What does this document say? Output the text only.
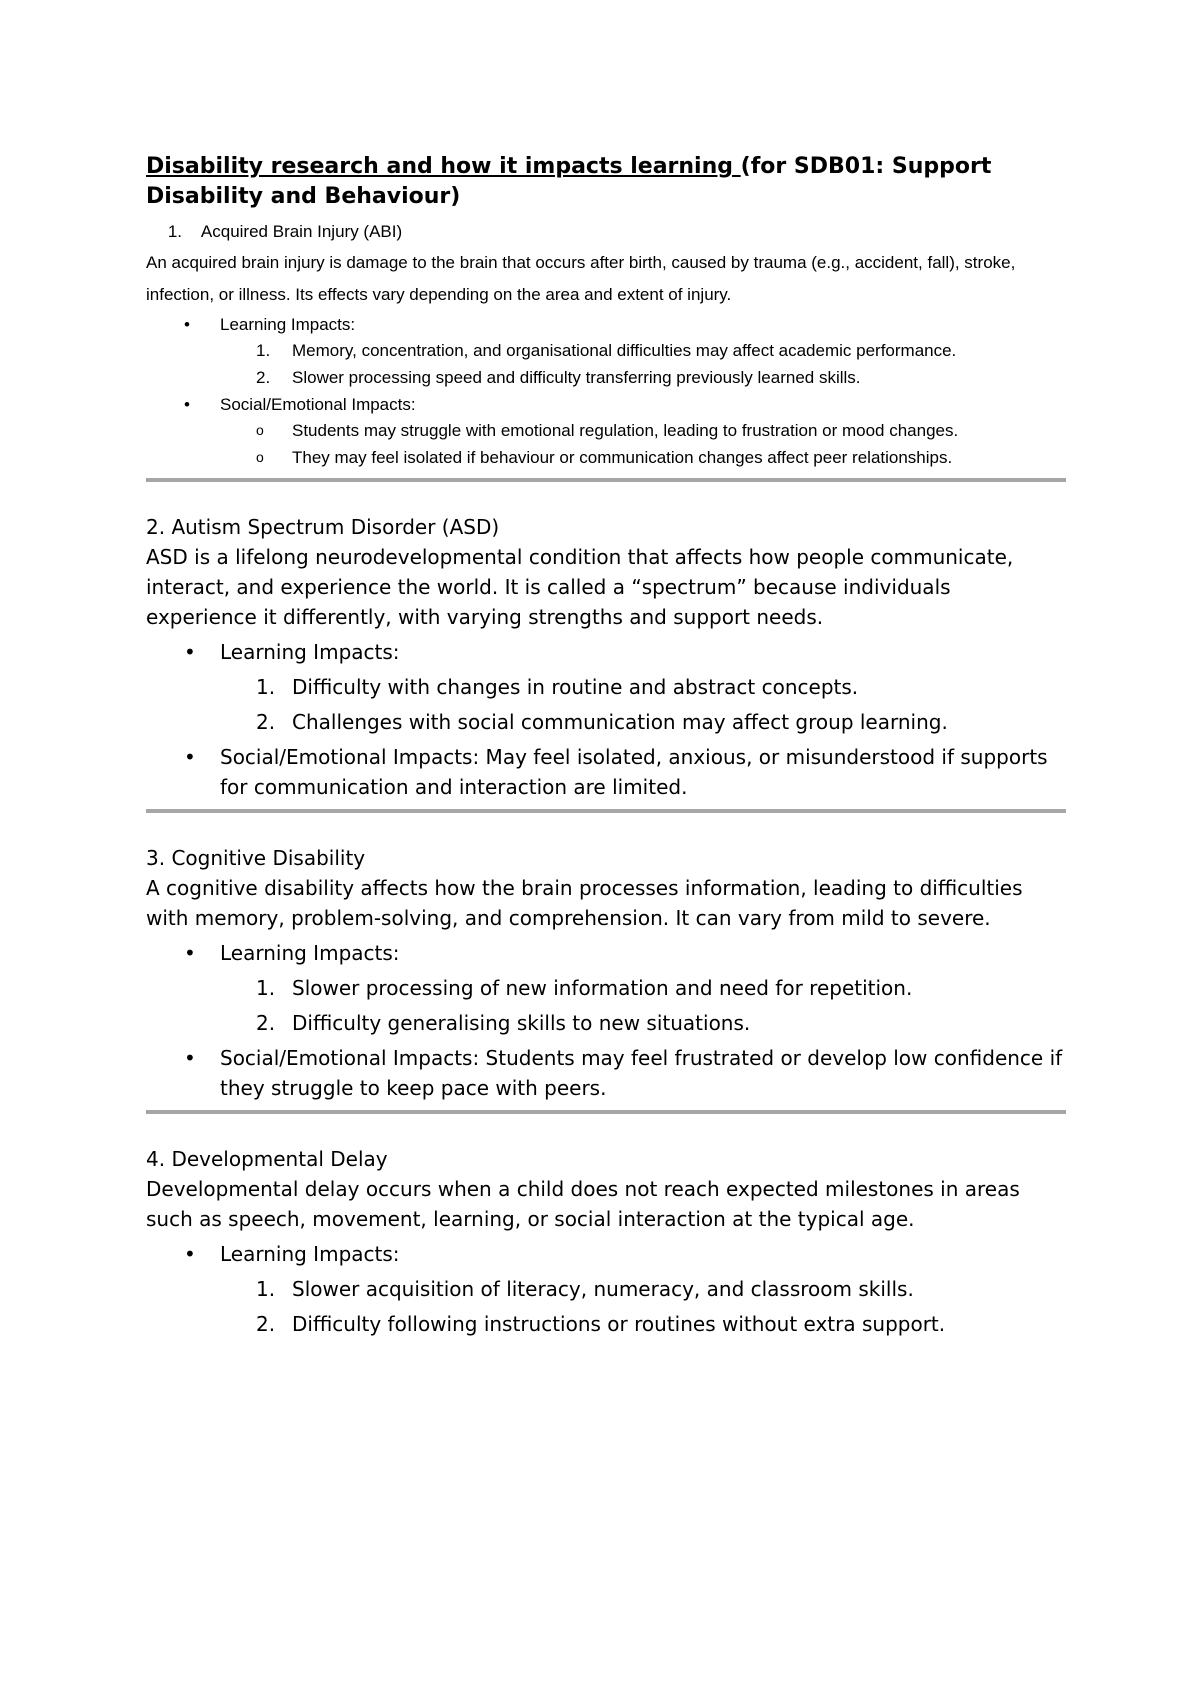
Disability research and how it impacts learning (for SDB01: Support Disability and Behaviour)
1. Acquired Brain Injury (ABI)
An acquired brain injury is damage to the brain that occurs after birth, caused by trauma (e.g., accident, fall), stroke, infection, or illness. Its effects vary depending on the area and extent of injury.
• Learning Impacts:
1.	Memory, concentration, and organisational difficulties may affect academic performance.
2.	Slower processing speed and difficulty transferring previously learned skills.
• Social/Emotional Impacts:
o	Students may struggle with emotional regulation, leading to frustration or mood changes.
o	They may feel isolated if behaviour or communication changes affect peer relationships.
2. Autism Spectrum Disorder (ASD)
ASD is a lifelong neurodevelopmental condition that affects how people communicate, interact, and experience the world. It is called a “spectrum” because individuals experience it differently, with varying strengths and support needs.
• Learning Impacts:
1. Difficulty with changes in routine and abstract concepts.
2. Challenges with social communication may affect group learning.
• Social/Emotional Impacts: May feel isolated, anxious, or misunderstood if supports for communication and interaction are limited.
3. Cognitive Disability
A cognitive disability affects how the brain processes information, leading to difficulties with memory, problem-solving, and comprehension. It can vary from mild to severe.
• Learning Impacts:
1. Slower processing of new information and need for repetition.
2. Difficulty generalising skills to new situations.
• Social/Emotional Impacts: Students may feel frustrated or develop low confidence if they struggle to keep pace with peers.
4. Developmental Delay
Developmental delay occurs when a child does not reach expected milestones in areas such as speech, movement, learning, or social interaction at the typical age.
• Learning Impacts:
1. Slower acquisition of literacy, numeracy, and classroom skills.
2. Difficulty following instructions or routines without extra support.
